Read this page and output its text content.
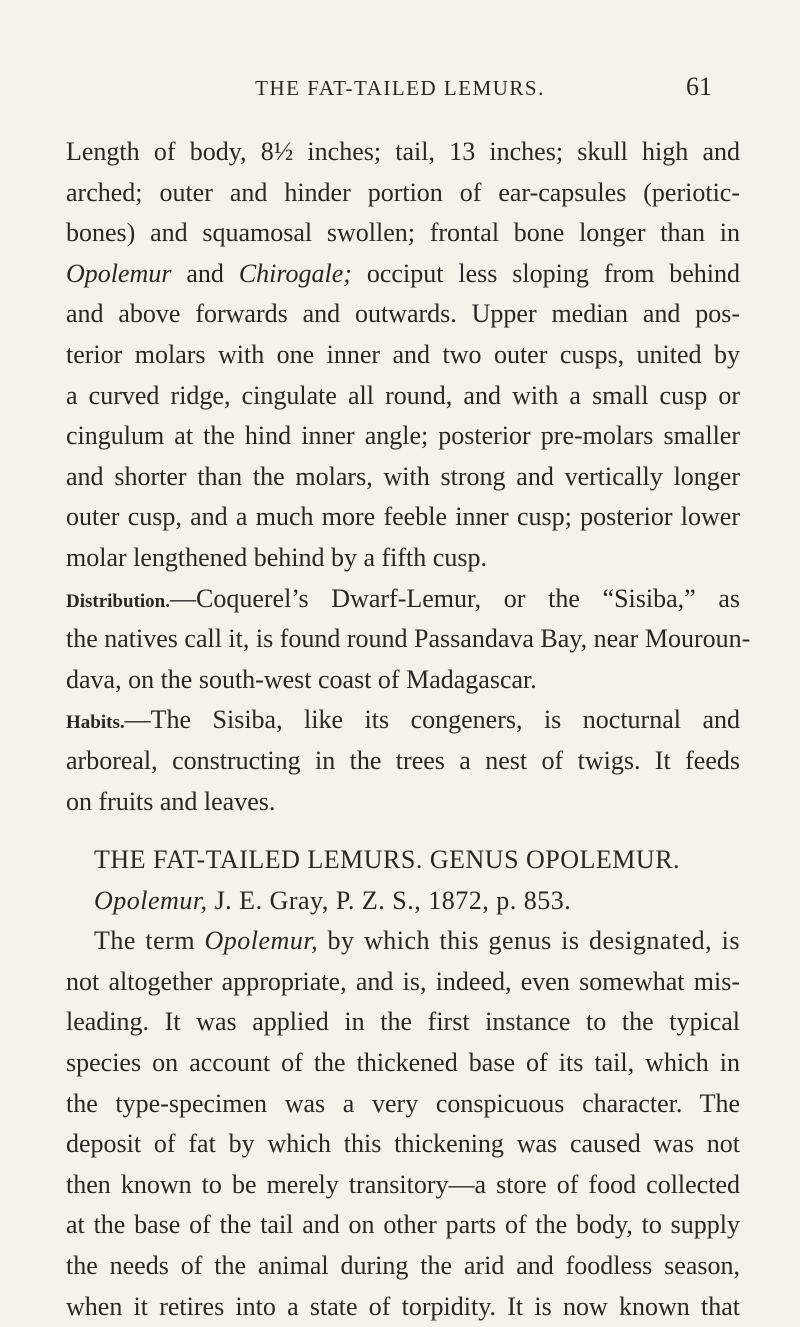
THE FAT-TAILED LEMURS.	61
Length of body, 8½ inches; tail, 13 inches; skull high and
arched; outer and hinder portion of ear-capsules (periotic-
bones) and squamosal swollen; frontal bone longer than in
Opolemur and Chirogale; occiput less sloping from behind
and above forwards and outwards. Upper median and pos-
terior molars with one inner and two outer cusps, united by
a curved ridge, cingulate all round, and with a small cusp or
cingulum at the hind inner angle; posterior pre-molars smaller
and shorter than the molars, with strong and vertically longer
outer cusp, and a much more feeble inner cusp; posterior lower
molar lengthened behind by a fifth cusp.
Distribution.—Coquerel’s Dwarf-Lemur, or the “Sisiba,” as
the natives call it, is found round Passandava Bay, near Mouroun-
dava, on the south-west coast of Madagascar.
Habits.—The Sisiba, like its congeners, is nocturnal and
arboreal, constructing in the trees a nest of twigs. It feeds
on fruits and leaves.
THE FAT-TAILED LEMURS. GENUS OPOLEMUR.
Opolemur, J. E. Gray, P. Z. S., 1872, p. 853.
The term Opolemur, by which this genus is designated, is
not altogether appropriate, and is, indeed, even somewhat mis-
leading. It was applied in the first instance to the typical
species on account of the thickened base of its tail, which in
the type-specimen was a very conspicuous character. The
deposit of fat by which this thickening was caused was not
then known to be merely transitory—a store of food collected
at the base of the tail and on other parts of the body, to supply
the needs of the animal during the arid and foodless season,
when it retires into a state of torpidity. It is now known that
